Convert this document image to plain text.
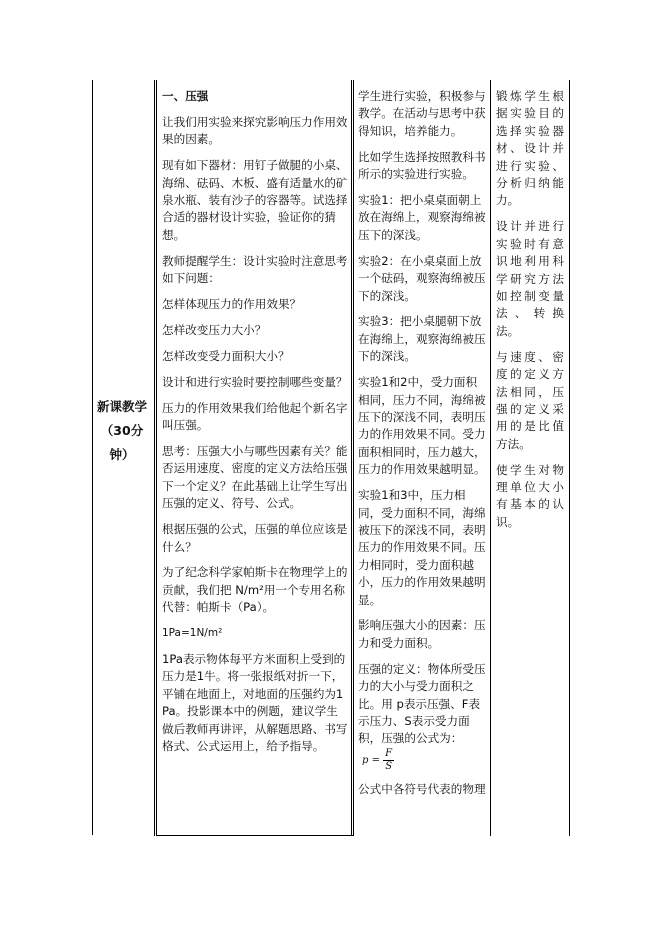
新课教学
（30分钟）

一、压强

让我们用实验来探究影响压力作用效果的因素。

现有如下器材：用钉子做腿的小桌、海绵、砝码、木板、盛有适量水的矿泉水瓶、装有沙子的容器等。试选择合适的器材设计实验，验证你的猜想。

教师提醒学生：设计实验时注意思考如下问题：

怎样体现压力的作用效果？

怎样改变压力大小？

怎样改变受力面积大小？

设计和进行实验时要控制哪些变量？

压力的作用效果我们给他起个新名字叫压强。

思考：压强大小与哪些因素有关？能否运用速度、密度的定义方法给压强下一个定义？在此基础上让学生写出压强的定义、符号、公式。

根据压强的公式，压强的单位应该是什么？

为了纪念科学家帕斯卡在物理学上的贡献，我们把 N/m²用一个专用名称代替：帕斯卡（Pa）。

1Pa=1N/m²

1Pa表示物体每平方米面积上受到的压力是1牛。将一张报纸对折一下，平铺在地面上，对地面的压强约为1 Pa。投影课本中的例题，建议学生做后教师再讲评，从解题思路、书写格式、公式运用上，给予指导。

学生进行实验，积极参与教学。在活动与思考中获得知识，培养能力。

比如学生选择按照教科书所示的实验进行实验。

实验1：把小桌桌面朝上放在海绵上，观察海绵被压下的深浅。

实验2：在小桌桌面上放一个砝码，观察海绵被压下的深浅。

实验3：把小桌腿朝下放在海绵上，观察海绵被压下的深浅。

实验1和2中，受力面积相同，压力不同，海绵被压下的深浅不同，表明压力的作用效果不同。受力面积相同时，压力越大，压力的作用效果越明显。

实验1和3中，压力相同，受力面积不同，海绵被压下的深浅不同，表明压力的作用效果不同。压力相同时，受力面积越小，压力的作用效果越明显。

影响压强大小的因素：压力和受力面积。

压强的定义：物体所受压力的大小与受力面积之比。用 p表示压强、F表示压力、S表示受力面积，压强的公式为： $p = \frac{F}{S}$

公式中各符号代表的物理

锻炼学生根据实验目的选择实验器材、设计并进行实验、分析归纳能力。

设计并进行实验时有意识地利用科学研究方法如控制变量法、转换法。

与速度、密度的定义方法相同，压强的定义采用的是比值方法。

使学生对物理单位大小有基本的认识。
